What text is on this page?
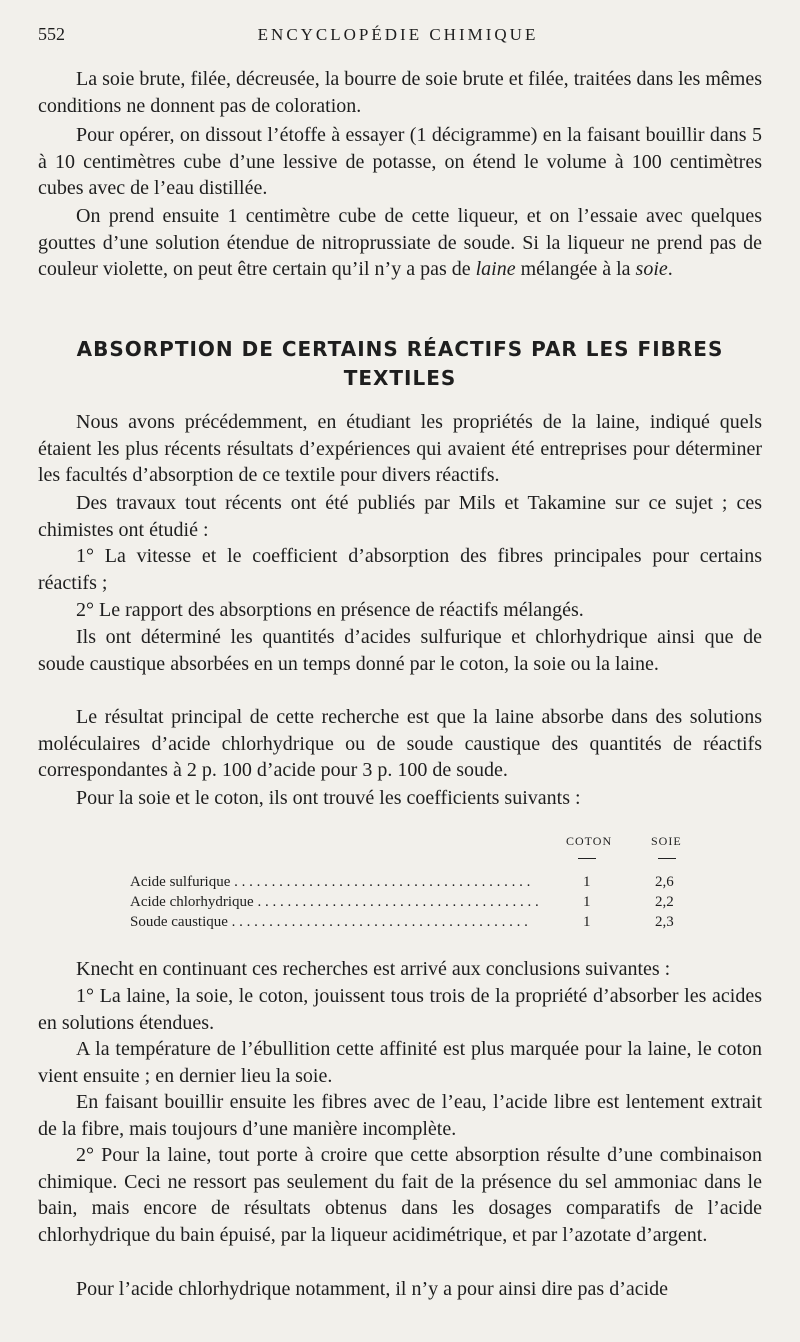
552	ENCYCLOPÉDIE CHIMIQUE

La soie brute, filée, décreusée, la bourre de soie brute et filée, traitées dans les mêmes conditions ne donnent pas de coloration.

Pour opérer, on dissout l’étoffe à essayer (1 décigramme) en la faisant bouillir dans 5 à 10 centimètres cube d’une lessive de potasse, on étend le volume à 100 centimètres cubes avec de l’eau distillée.

On prend ensuite 1 centimètre cube de cette liqueur, et on l’essaie avec quelques gouttes d’une solution étendue de nitroprussiate de soude. Si la liqueur ne prend pas de couleur violette, on peut être certain qu’il n’y a pas de laine mélangée à la soie.

ABSORPTION DE CERTAINS RÉACTIFS PAR LES FIBRES TEXTILES

Nous avons précédemment, en étudiant les propriétés de la laine, indiqué quels étaient les plus récents résultats d’expériences qui avaient été entreprises pour déterminer les facultés d’absorption de ce textile pour divers réactifs.

Des travaux tout récents ont été publiés par Mils et Takamine sur ce sujet ; ces chimistes ont étudié :

1° La vitesse et le coefficient d’absorption des fibres principales pour certains réactifs ;

2° Le rapport des absorptions en présence de réactifs mélangés.

Ils ont déterminé les quantités d’acides sulfurique et chlorhydrique ainsi que de soude caustique absorbées en un temps donné par le coton, la soie ou la laine.

Le résultat principal de cette recherche est que la laine absorbe dans des solutions moléculaires d’acide chlorhydrique ou de soude caustique des quantités de réactifs correspondantes à 2 p. 100 d’acide pour 3 p. 100 de soude.

Pour la soie et le coton, ils ont trouvé les coefficients suivants :

COTON	SOIE
Acide sulfurique . . .	1	2,6
Acide chlorhydrique . . .	1	2,2
Soude caustique . . .	1	2,3

Knecht en continuant ces recherches est arrivé aux conclusions suivantes :

1° La laine, la soie, le coton, jouissent tous trois de la propriété d’absorber les acides en solutions étendues.

A la température de l’ébullition cette affinité est plus marquée pour la laine, le coton vient ensuite ; en dernier lieu la soie.

En faisant bouillir ensuite les fibres avec de l’eau, l’acide libre est lentement extrait de la fibre, mais toujours d’une manière incomplète.

2° Pour la laine, tout porte à croire que cette absorption résulte d’une combinaison chimique. Ceci ne ressort pas seulement du fait de la présence du sel ammoniac dans le bain, mais encore de résultats obtenus dans les dosages comparatifs de l’acide chlorhydrique du bain épuisé, par la liqueur acidimétrique, et par l’azotate d’argent.

Pour l’acide chlorhydrique notamment, il n’y a pour ainsi dire pas d’acide
